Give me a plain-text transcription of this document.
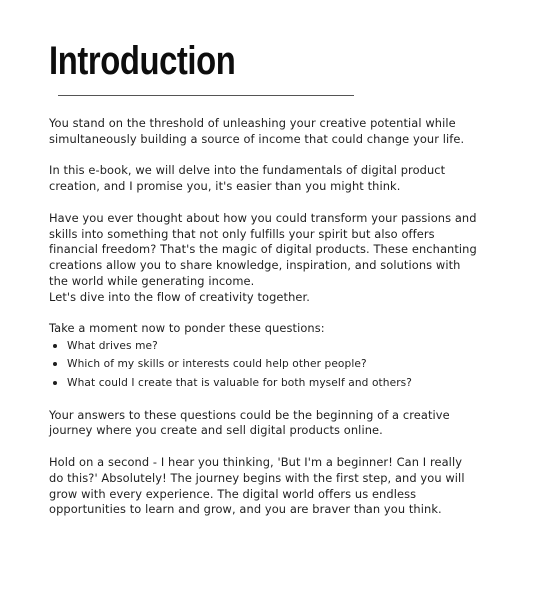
Introduction

You stand on the threshold of unleashing your creative potential while simultaneously building a source of income that could change your life.

In this e-book, we will delve into the fundamentals of digital product creation, and I promise you, it's easier than you might think.

Have you ever thought about how you could transform your passions and skills into something that not only fulfills your spirit but also offers financial freedom? That's the magic of digital products. These enchanting creations allow you to share knowledge, inspiration, and solutions with the world while generating income.

Let's dive into the flow of creativity together.

Take a moment now to ponder these questions:

What drives me?
Which of my skills or interests could help other people?
What could I create that is valuable for both myself and others?

Your answers to these questions could be the beginning of a creative journey where you create and sell digital products online.

Hold on a second - I hear you thinking, 'But I'm a beginner! Can I really do this?' Absolutely! The journey begins with the first step, and you will grow with every experience. The digital world offers us endless opportunities to learn and grow, and you are braver than you think.
